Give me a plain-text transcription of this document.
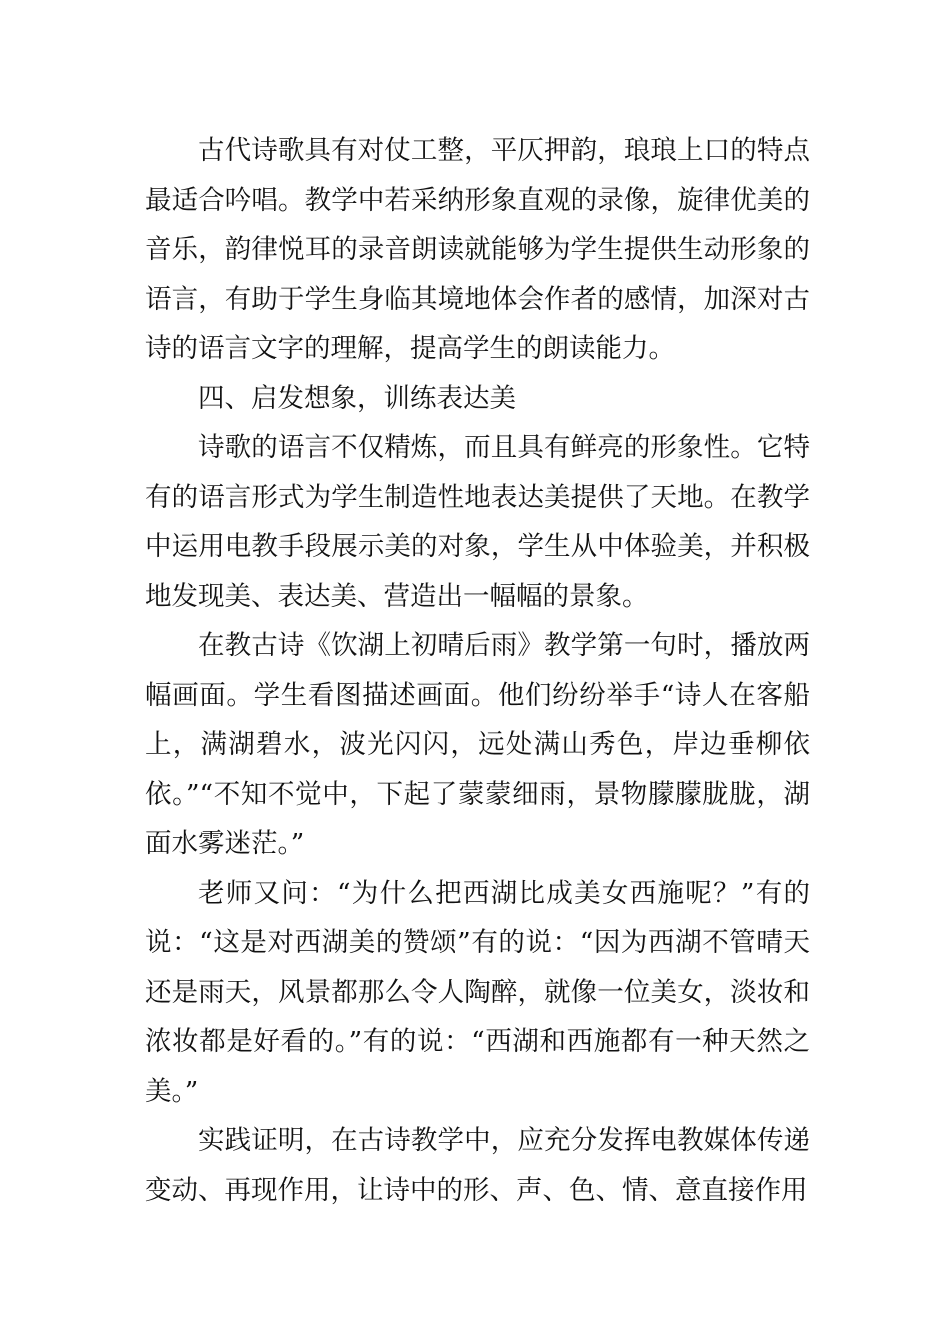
古代诗歌具有对仗工整，平仄押韵，琅琅上口的特点最适合吟唱。教学中若采纳形象直观的录像，旋律优美的音乐，韵律悦耳的录音朗读就能够为学生提供生动形象的语言，有助于学生身临其境地体会作者的感情，加深对古诗的语言文字的理解，提高学生的朗读能力。

四、启发想象，训练表达美

诗歌的语言不仅精炼，而且具有鲜亮的形象性。它特有的语言形式为学生制造性地表达美提供了天地。在教学中运用电教手段展示美的对象，学生从中体验美，并积极地发现美、表达美、营造出一幅幅的景象。

在教古诗《饮湖上初晴后雨》教学第一句时，播放两幅画面。学生看图描述画面。他们纷纷举手“诗人在客船上，满湖碧水，波光闪闪，远处满山秀色，岸边垂柳依依。”“不知不觉中，下起了蒙蒙细雨，景物朦朦胧胧，湖面水雾迷茫。”

老师又问：“为什么把西湖比成美女西施呢？”有的说：“这是对西湖美的赞颂”有的说：“因为西湖不管晴天还是雨天，风景都那么令人陶醉，就像一位美女，淡妆和浓妆都是好看的。”有的说：“西湖和西施都有一种天然之美。”

实践证明，在古诗教学中，应充分发挥电教媒体传递变动、再现作用，让诗中的形、声、色、情、意直接作用
